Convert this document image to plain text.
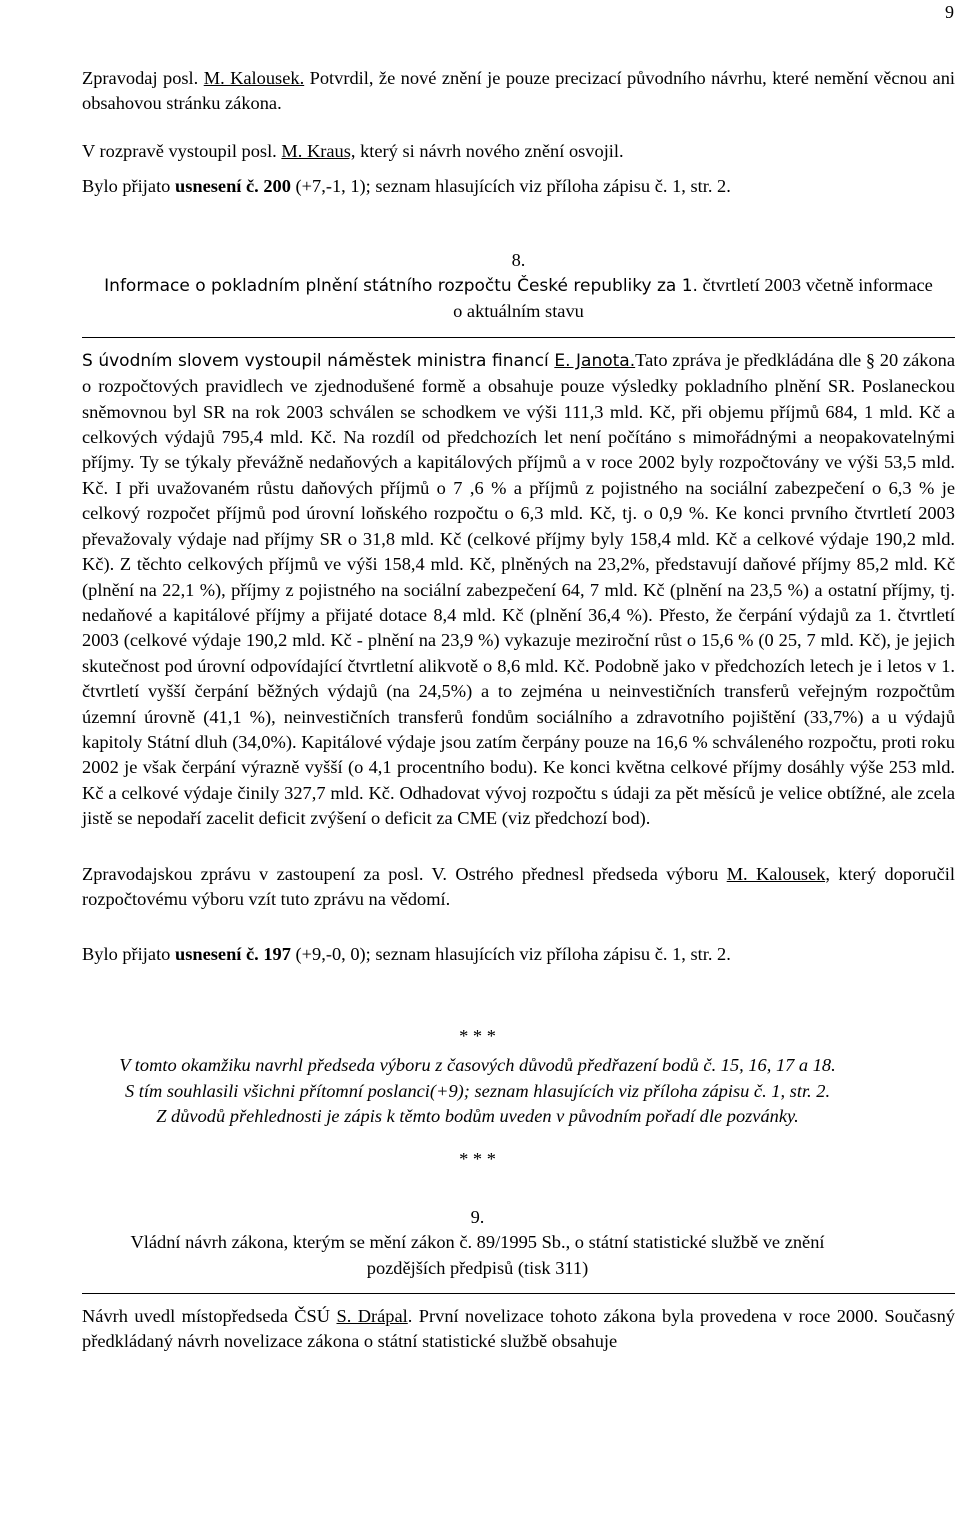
9

Zpravodaj posl. M. Kalousek. Potvrdil, že nové znění je pouze precizací původního návrhu, které nemění věcnou ani obsahovou stránku zákona.

V rozpravě vystoupil posl. M. Kraus, který si návrh nového znění osvojil.

Bylo přijato usnesení č. 200 (+7,-1, 1); seznam hlasujících viz příloha zápisu č. 1, str. 2.

8.
Informace o pokladním plnění státního rozpočtu České republiky za 1. čtvrtletí 2003 včetně informace
o aktuálním stavu

S úvodním slovem vystoupil náměstek ministra financí E. Janota.Tato zpráva je předkládána dle § 20 zákona o rozpočtových pravidlech ve zjednodušené formě a obsahuje pouze výsledky pokladního plnění SR. Poslaneckou sněmovnou byl SR na rok 2003 schválen se schodkem ve výši 111,3 mld. Kč, při objemu příjmů 684, 1 mld. Kč a celkových výdajů 795,4 mld. Kč. Na rozdíl od předchozích let není počítáno s mimořádnými a neopakovatelnými příjmy. Ty se týkaly převážně nedaňových a kapitálových příjmů a v roce 2002 byly rozpočtovány ve výši 53,5 mld. Kč. I při uvažovaném růstu daňových příjmů o 7 ,6 % a příjmů z pojistného na sociální zabezpečení o 6,3 % je celkový rozpočet příjmů pod úrovní loňského rozpočtu o 6,3 mld. Kč, tj. o 0,9 %. Ke konci prvního čtvrtletí 2003 převažovaly výdaje nad příjmy SR o 31,8 mld. Kč (celkové příjmy byly 158,4 mld. Kč a celkové výdaje 190,2 mld. Kč). Z těchto celkových příjmů ve výši 158,4 mld. Kč, plněných na 23,2%, představují daňové příjmy 85,2 mld. Kč (plnění na 22,1 %), příjmy z pojistného na sociální zabezpečení 64, 7 mld. Kč (plnění na 23,5 %) a ostatní příjmy, tj. nedaňové a kapitálové příjmy a přijaté dotace 8,4 mld. Kč (plnění 36,4 %). Přesto, že čerpání výdajů za 1. čtvrtletí 2003 (celkové výdaje 190,2 mld. Kč - plnění na 23,9 %) vykazuje meziroční růst o 15,6 % (0 25, 7 mld. Kč), je jejich skutečnost pod úrovní odpovídající čtvrtletní alikvotě o 8,6 mld. Kč. Podobně jako v předchozích letech je i letos v 1. čtvrtletí vyšší čerpání běžných výdajů (na 24,5%) a to zejména u neinvestičních transferů veřejným rozpočtům územní úrovně (41,1 %), neinvestičních transferů fondům sociálního a zdravotního pojištění (33,7%) a u výdajů kapitoly Státní dluh (34,0%). Kapitálové výdaje jsou zatím čerpány pouze na 16,6 % schváleného rozpočtu, proti roku 2002 je však čerpání výrazně vyšší (o 4,1 procentního bodu). Ke konci května celkové příjmy dosáhly výše 253 mld. Kč a celkové výdaje činily 327,7 mld. Kč. Odhadovat vývoj rozpočtu s údaji za pět měsíců je velice obtížné, ale zcela jistě se nepodaří zacelit deficit zvýšení o deficit za CME (viz předchozí bod).

Zpravodajskou zprávu v zastoupení za posl. V. Ostrého přednesl předseda výboru M. Kalousek, který doporučil rozpočtovému výboru vzít tuto zprávu na vědomí.

Bylo přijato usnesení č. 197 (+9,-0, 0); seznam hlasujících viz příloha zápisu č. 1, str. 2.

* * *

V tomto okamžiku navrhl předseda výboru z časových důvodů předřazení bodů č. 15, 16, 17 a 18.
S tím souhlasili všichni přítomní poslanci(+9); seznam hlasujících viz příloha zápisu č. 1, str. 2.
Z důvodů přehlednosti je zápis k těmto bodům uveden v původním pořadí dle pozvánky.

* * *

9.
Vládní návrh zákona, kterým se mění zákon č. 89/1995 Sb., o státní statistické službě ve znění
pozdějších předpisů (tisk 311)

Návrh uvedl místopředseda ČSÚ S. Drápal. První novelizace tohoto zákona byla provedena v roce 2000. Současný předkládaný návrh novelizace zákona o státní statistické službě obsahuje
